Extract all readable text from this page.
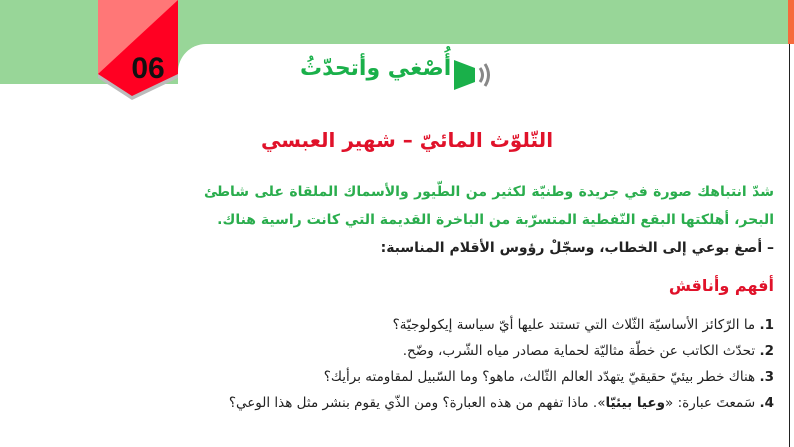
06	أُصْغي وأتحدّثُ
التّلوّث المائيّ – شهير العبسي
شدّ انتباهك صورة في جريدة وطنيّة لكثير من الطّيور والأسماك الملقاة على شاطئ البحر، أهلكتها البقع النّفطية المتسرّبة من الباخرة القديمة التي كانت راسية هناك.
– أصغ بوعي إلى الخطاب، وسجّلْ رؤوس الأقلام المناسبة:
أفهم وأناقش
1. ما الرّكائز الأساسيّة الثّلاث التي تستند عليها أيّ سياسة إيكولوجيّة؟
2. تحدّث الكاتب عن خطّة مثاليّة لحماية مصادر مياه الشّرب، وضّح.
3. هناك خطر بيئيّ حقيقيّ يتهدّد العالم الثّالث، ماهو؟ وما السّبيل لمقاومته برأيك؟
4. سَمعتَ عبارة: «وعيا بيئيّا». ماذا تفهم من هذه العبارة؟ ومن الذّي يقوم بنشر مثل هذا الوعي؟
